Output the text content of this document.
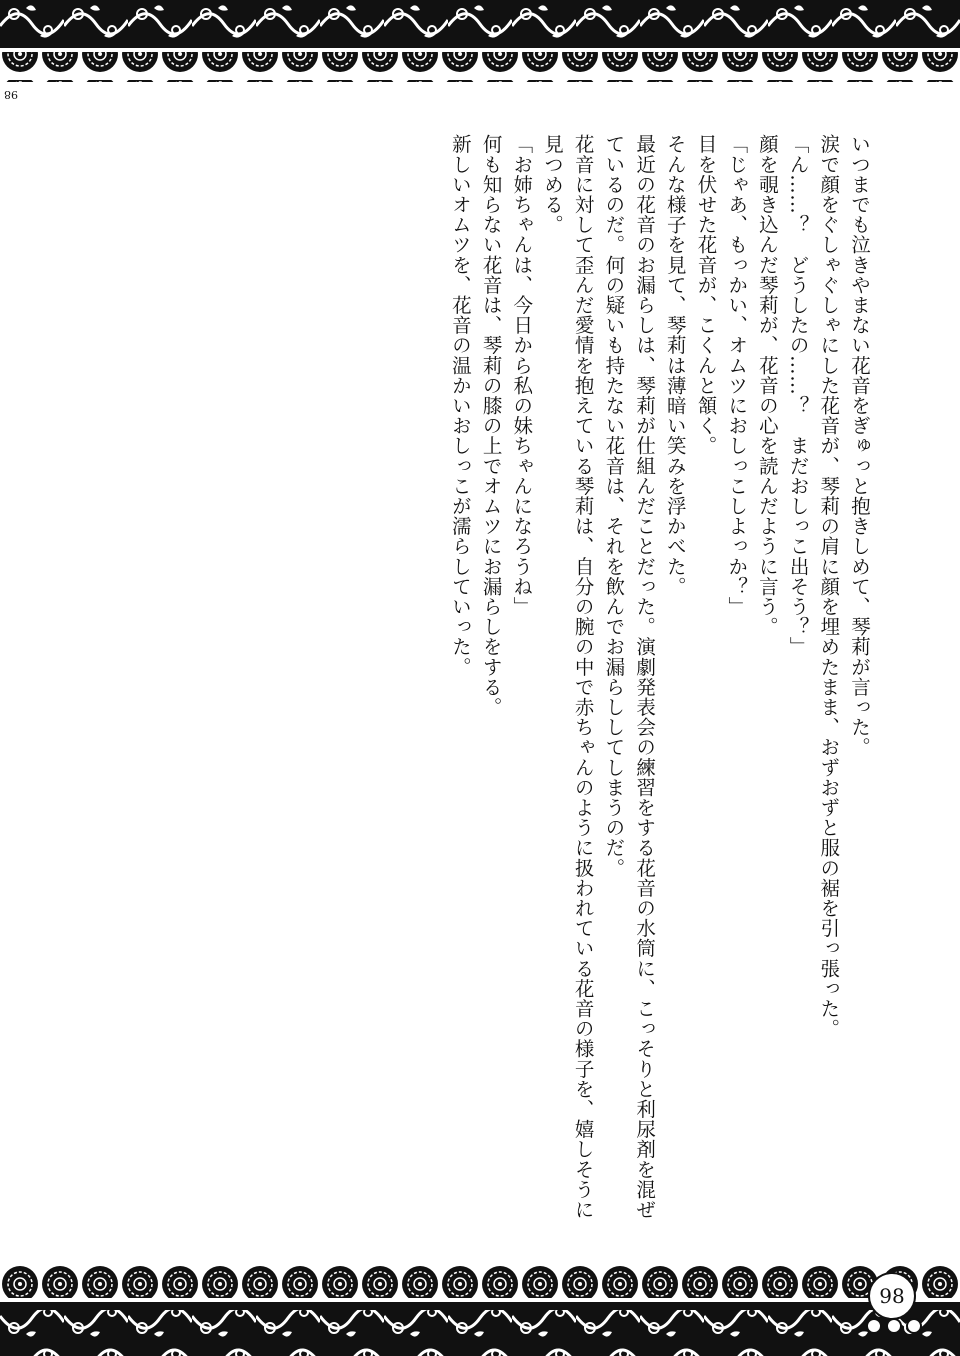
98

いつまでも泣きやまない花音をぎゅっと抱きしめて、琴莉が言った。

涙で顔をぐしゃぐしゃにした花音が、琴莉の肩に顔を埋めたまま、おずおずと服の裾を引っ張った。

「ん……？　どうしたの……？　まだおしっこ出そう？」

顔を覗き込んだ琴莉が、花音の心を読んだように言う。

「じゃあ、もっかい、オムツにおしっこしよっか？」

目を伏せた花音が、こくんと頷く。

そんな様子を見て、琴莉は薄暗い笑みを浮かべた。

最近の花音のお漏らしは、琴莉が仕組んだことだった。演劇発表会の練習をする花音の水筒に、こっそりと利尿剤を混ぜているのだ。何の疑いも持たない花音は、それを飲んでお漏らししてしまうのだ。

花音に対して歪んだ愛情を抱えている琴莉は、自分の腕の中で赤ちゃんのように扱われている花音の様子を、嬉しそうに見つめる。

「お姉ちゃんは、今日から私の妹ちゃんになろうね」

何も知らない花音は、琴莉の膝の上でオムツにお漏らしをする。

新しいオムツを、花音の温かいおしっこが濡らしていった。

98
